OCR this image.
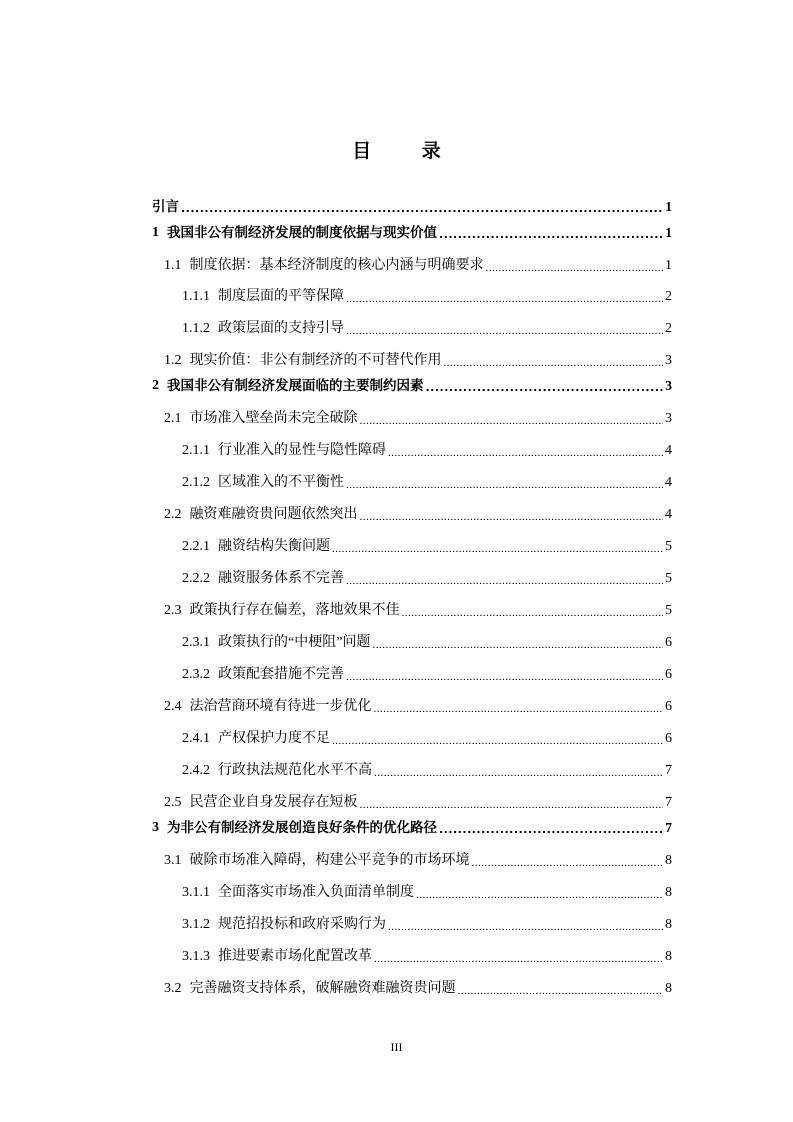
目 录
引言 .....	1
1 我国非公有制经济发展的制度依据与现实价值 .....	1
1.1 制度依据：基本经济制度的核心内涵与明确要求 .....	1
1.1.1 制度层面的平等保障 .....	2
1.1.2 政策层面的支持引导 .....	2
1.2 现实价值：非公有制经济的不可替代作用 .....	3
2 我国非公有制经济发展面临的主要制约因素 .....	3
2.1 市场准入壁垒尚未完全破除 .....	3
2.1.1 行业准入的显性与隐性障碍 .....	4
2.1.2 区域准入的不平衡性 .....	4
2.2 融资难融资贵问题依然突出 .....	4
2.2.1 融资结构失衡问题 .....	5
2.2.2 融资服务体系不完善 .....	5
2.3 政策执行存在偏差，落地效果不佳 .....	5
2.3.1 政策执行的“中梗阻”问题 .....	6
2.3.2 政策配套措施不完善 .....	6
2.4 法治营商环境有待进一步优化 .....	6
2.4.1 产权保护力度不足 .....	6
2.4.2 行政执法规范化水平不高 .....	7
2.5 民营企业自身发展存在短板 .....	7
3 为非公有制经济发展创造良好条件的优化路径 .....	7
3.1 破除市场准入障碍，构建公平竞争的市场环境 .....	8
3.1.1 全面落实市场准入负面清单制度 .....	8
3.1.2 规范招投标和政府采购行为 .....	8
3.1.3 推进要素市场化配置改革 .....	8
3.2 完善融资支持体系，破解融资难融资贵问题 .....	8
III
